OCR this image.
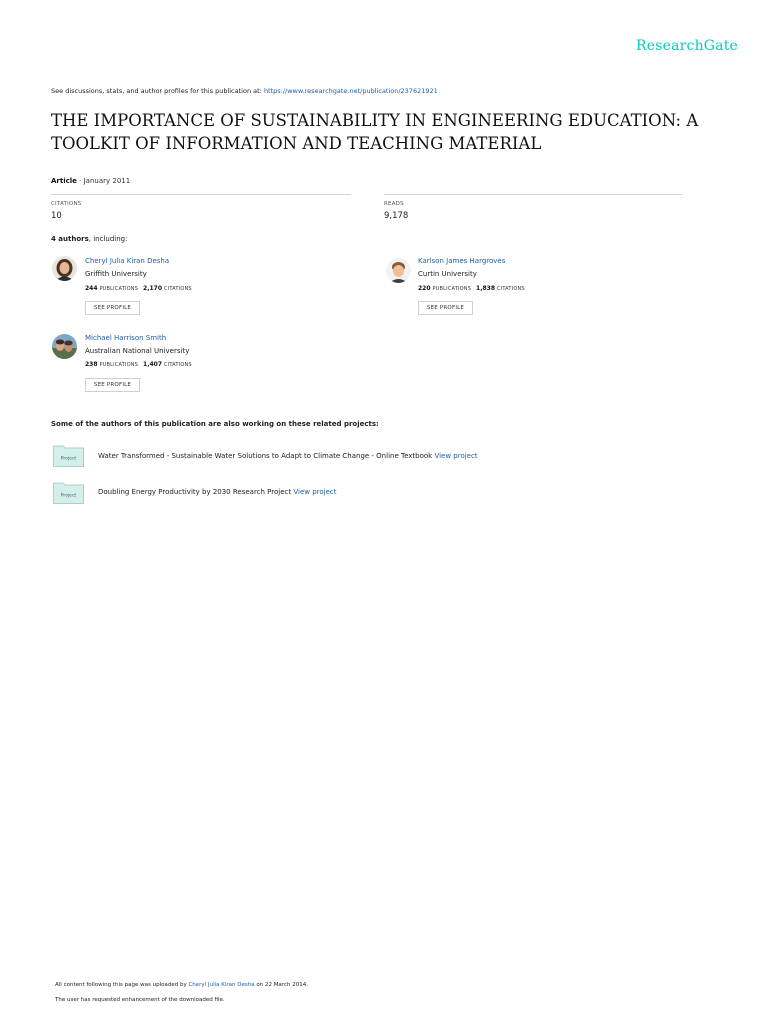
ResearchGate
See discussions, stats, and author profiles for this publication at: https://www.researchgate.net/publication/237621921
THE IMPORTANCE OF SUSTAINABILITY IN ENGINEERING EDUCATION: A
TOOLKIT OF INFORMATION AND TEACHING MATERIAL
Article · January 2011
CITATIONS
10
READS
9,178
4 authors, including:
Cheryl Julia Kiran Desha
Griffith University
244 PUBLICATIONS 2,170 CITATIONS
SEE PROFILE
Karlson James Hargroves
Curtin University
220 PUBLICATIONS 1,838 CITATIONS
SEE PROFILE
Michael Harrison Smith
Australian National University
238 PUBLICATIONS 1,407 CITATIONS
SEE PROFILE
Some of the authors of this publication are also working on these related projects:
Project	Water Transformed - Sustainable Water Solutions to Adapt to Climate Change - Online Textbook View project
Project	Doubling Energy Productivity by 2030 Research Project View project
All content following this page was uploaded by Cheryl Julia Kiran Desha on 22 March 2014.
The user has requested enhancement of the downloaded file.
